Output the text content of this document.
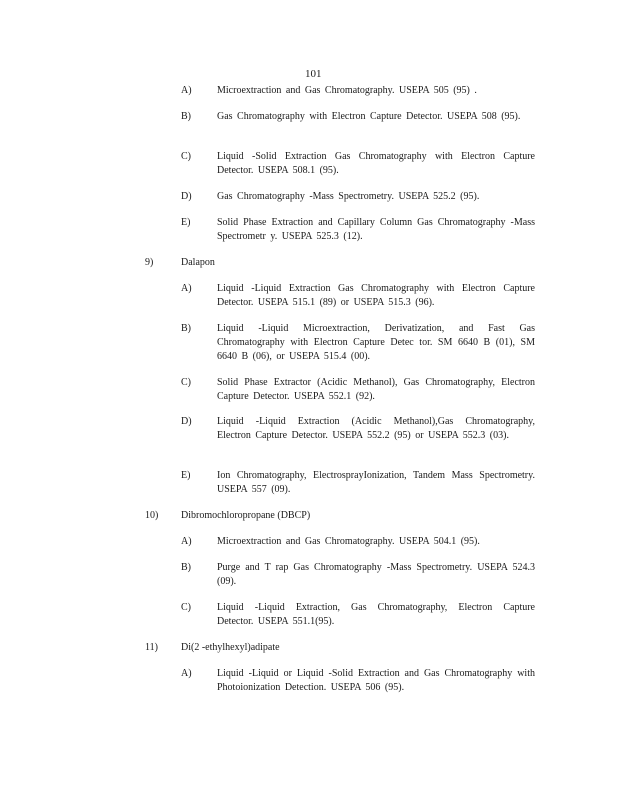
101
A)	Microextraction and Gas Chromatography. USEPA 505 (95) .
B)	Gas Chromatography with Electron Capture Detector. USEPA 508 (95).
C)	Liquid -Solid Extraction Gas Chromatography with Electron Capture Detector. USEPA 508.1 (95).
D)	Gas Chromatography -Mass Spectrometry. USEPA 525.2 (95).
E)	Solid Phase Extraction and Capillary Column Gas Chromatography -Mass Spectrometr y. USEPA 525.3 (12).
9)	Dalapon
A)	Liquid -Liquid Extraction Gas Chromatography with Electron Capture Detector. USEPA 515.1 (89) or USEPA 515.3 (96).
B)	Liquid -Liquid Microextraction, Derivatization, and Fast Gas Chromatography with Electron Capture Detec tor. SM 6640 B (01), SM 6640 B (06), or USEPA 515.4 (00).
C)	Solid Phase Extractor (Acidic Methanol), Gas Chromatography, Electron Capture Detector. USEPA 552.1 (92).
D)	Liquid -Liquid Extraction (Acidic Methanol),Gas Chromatography, Electron Capture Detector. USEPA 552.2 (95) or USEPA 552.3 (03).
E)	Ion Chromatography, ElectrosprayIonization, Tandem Mass Spectrometry. USEPA 557 (09).
10) Dibromochloropropane (DBCP)
A)	Microextraction and Gas Chromatography. USEPA 504.1 (95).
B)	Purge and T rap Gas Chromatography -Mass Spectrometry. USEPA 524.3 (09).
C)	Liquid -Liquid Extraction, Gas Chromatography, Electron Capture Detector. USEPA 551.1(95).
11) Di(2 -ethylhexyl)adipate
A)	Liquid -Liquid or Liquid -Solid Extraction and Gas Chromatography with Photoionization Detection. USEPA 506 (95).
